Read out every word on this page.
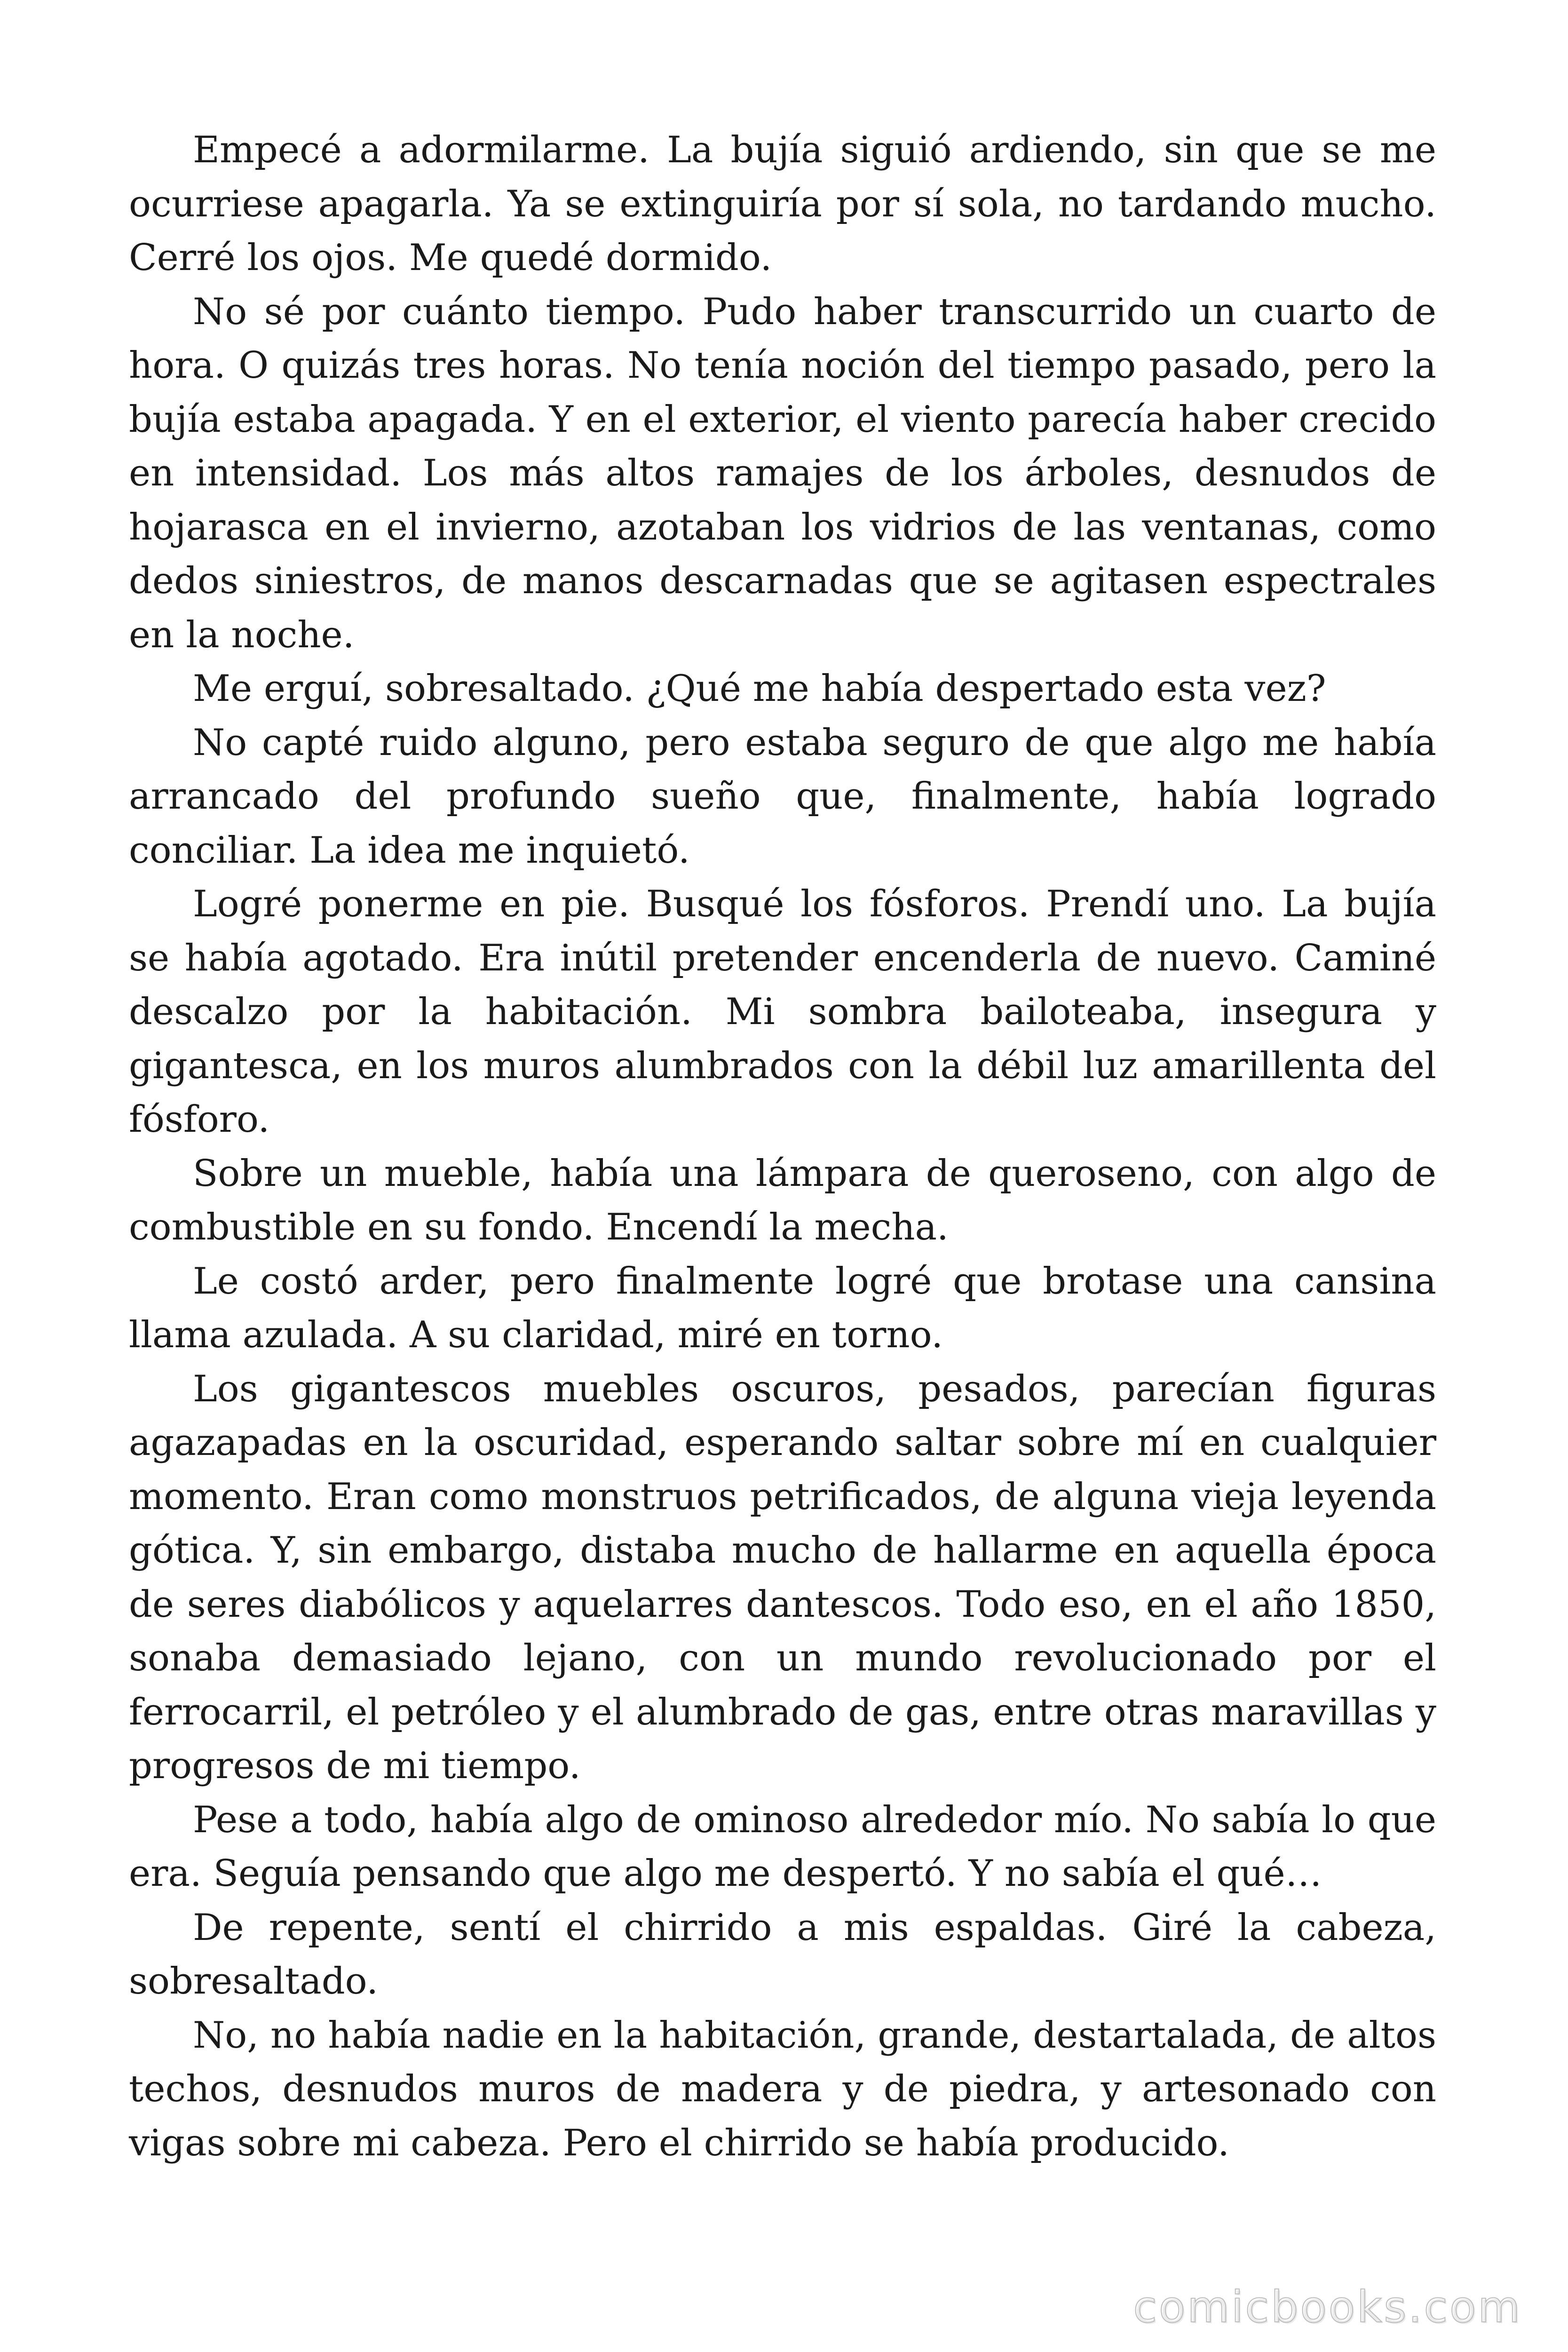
Empecé a adormilarme. La bujía siguió ardiendo, sin que se me ocurriese apagarla. Ya se extinguiría por sí sola, no tardando mucho. Cerré los ojos. Me quedé dormido.

No sé por cuánto tiempo. Pudo haber transcurrido un cuarto de hora. O quizás tres horas. No tenía noción del tiempo pasado, pero la bujía estaba apagada. Y en el exterior, el viento parecía haber crecido en intensidad. Los más altos ramajes de los árboles, desnudos de hojarasca en el invierno, azotaban los vidrios de las ventanas, como dedos siniestros, de manos descarnadas que se agitasen espectrales en la noche.

Me erguí, sobresaltado. ¿Qué me había despertado esta vez?

No capté ruido alguno, pero estaba seguro de que algo me había arrancado del profundo sueño que, finalmente, había logrado conciliar. La idea me inquietó.

Logré ponerme en pie. Busqué los fósforos. Prendí uno. La bujía se había agotado. Era inútil pretender encenderla de nuevo. Caminé descalzo por la habitación. Mi sombra bailoteaba, insegura y gigantesca, en los muros alumbrados con la débil luz amarillenta del fósforo.

Sobre un mueble, había una lámpara de queroseno, con algo de combustible en su fondo. Encendí la mecha.

Le costó arder, pero finalmente logré que brotase una cansina llama azulada. A su claridad, miré en torno.

Los gigantescos muebles oscuros, pesados, parecían figuras agazapadas en la oscuridad, esperando saltar sobre mí en cualquier momento. Eran como monstruos petrificados, de alguna vieja leyenda gótica. Y, sin embargo, distaba mucho de hallarme en aquella época de seres diabólicos y aquelarres dantescos. Todo eso, en el año 1850, sonaba demasiado lejano, con un mundo revolucionado por el ferrocarril, el petróleo y el alumbrado de gas, entre otras maravillas y progresos de mi tiempo.

Pese a todo, había algo de ominoso alrededor mío. No sabía lo que era. Seguía pensando que algo me despertó. Y no sabía el qué…

De repente, sentí el chirrido a mis espaldas. Giré la cabeza, sobresaltado.

No, no había nadie en la habitación, grande, destartalada, de altos techos, desnudos muros de madera y de piedra, y artesonado con vigas sobre mi cabeza. Pero el chirrido se había producido.

comicbooks.com
